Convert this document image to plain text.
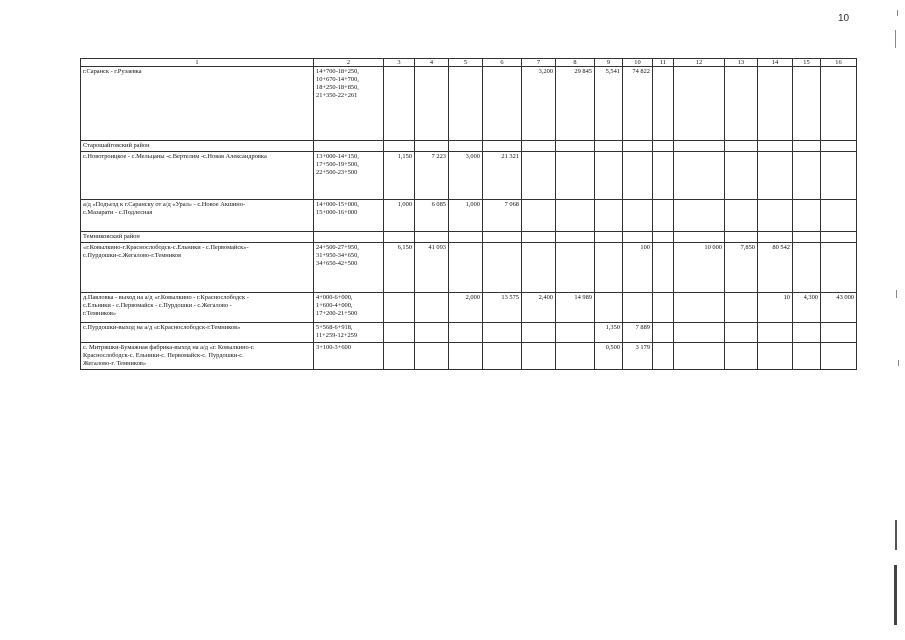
10
1	2	3	4	5	6	7	8	9	10	11	12	13	14	15	16

г.Саранск - г.Рузаевка	14+700-18+250,
10+670-14+700,
18+250-18+850,
21+350-22+261					3,200	29 845	5,541	74 822						
Старошайговский район															

с.Новотроицкое - с.Мельцаны -с.Вертелим -с.Новая Александровка	13+000-14+150,
17+500-19+500,
22+500-23+500	1,150	7 223	3,000	21 321										

а/д «Подъезд к г.Саранску от а/д «Урал» - с.Новое Акшино-
с.Мазарати - с.Подлесная	14+000-15+000,
15+000-16+000	1,000	6 085	1,000	7 068										
Темниковский район															

«г.Ковылкино-г.Краснослободск-с.Ельники - с.Первомайск»-
с.Пурдошки-с.Жегалово-г.Темников	24+500-27+950,
31+950-34+650,
34+650-42+500	6,150	41 093						100		10 000	7,850	80 542		

д.Павловка - выход на а/д «г.Ковылкино - г.Краснослободск -
с.Ельники - с.Первомайск - с.Пурдошки - с.Жегалово -
г.Темников»	4+000-6+000,
1+600-4+000,
17+200-21+500			2,000	13 575	2,400	14 989						10	4,300	43 000

с.Пурдошки-выход на а/д «г.Краснослободск-г.Темников»	5+568-6+918,
11+259-12+259							1,350	7 889						

с. Митряшки-Бумажная фабрика-выход на а/д «г. Ковылкино-г.
Краснослободск-с. Ельники-с. Первомайск-с. Пурдошки-с.
Жегалово-г. Темников»	3+100-3+600							0,500	3 179						
